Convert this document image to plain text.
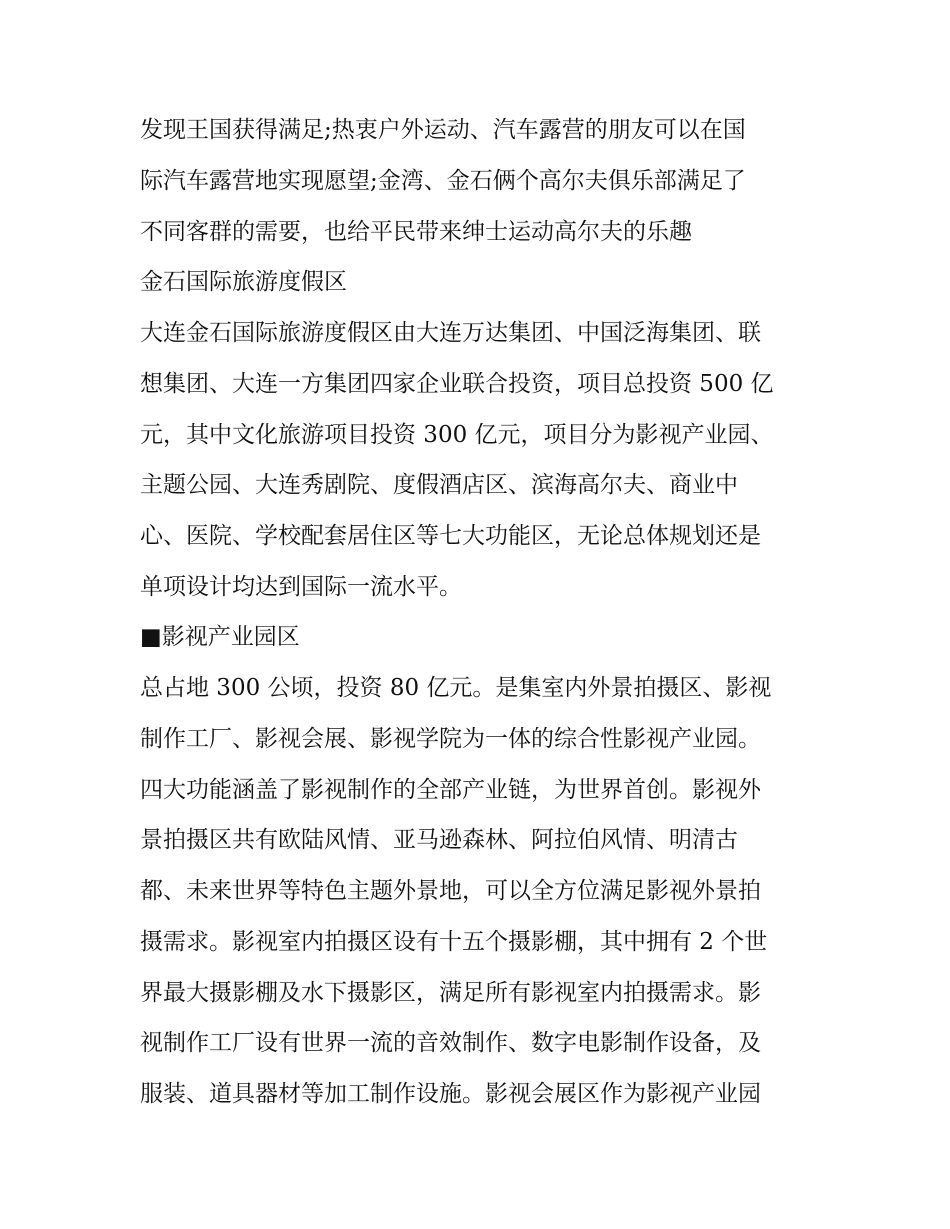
发现王国获得满足;热衷户外运动、汽车露营的朋友可以在国
际汽车露营地实现愿望;金湾、金石俩个高尔夫俱乐部满足了
不同客群的需要，也给平民带来绅士运动高尔夫的乐趣
金石国际旅游度假区
大连金石国际旅游度假区由大连万达集团、中国泛海集团、联
想集团、大连一方集团四家企业联合投资，项目总投资 500 亿
元，其中文化旅游项目投资 300 亿元，项目分为影视产业园、
主题公园、大连秀剧院、度假酒店区、滨海高尔夫、商业中
心、医院、学校配套居住区等七大功能区，无论总体规划还是
单项设计均达到国际一流水平。
■影视产业园区
总占地 300 公顷，投资 80 亿元。是集室内外景拍摄区、影视
制作工厂、影视会展、影视学院为一体的综合性影视产业园。
四大功能涵盖了影视制作的全部产业链，为世界首创。影视外
景拍摄区共有欧陆风情、亚马逊森林、阿拉伯风情、明清古
都、未来世界等特色主题外景地，可以全方位满足影视外景拍
摄需求。影视室内拍摄区设有十五个摄影棚，其中拥有 2 个世
界最大摄影棚及水下摄影区，满足所有影视室内拍摄需求。影
视制作工厂设有世界一流的音效制作、数字电影制作设备，及
服装、道具器材等加工制作设施。影视会展区作为影视产业园
